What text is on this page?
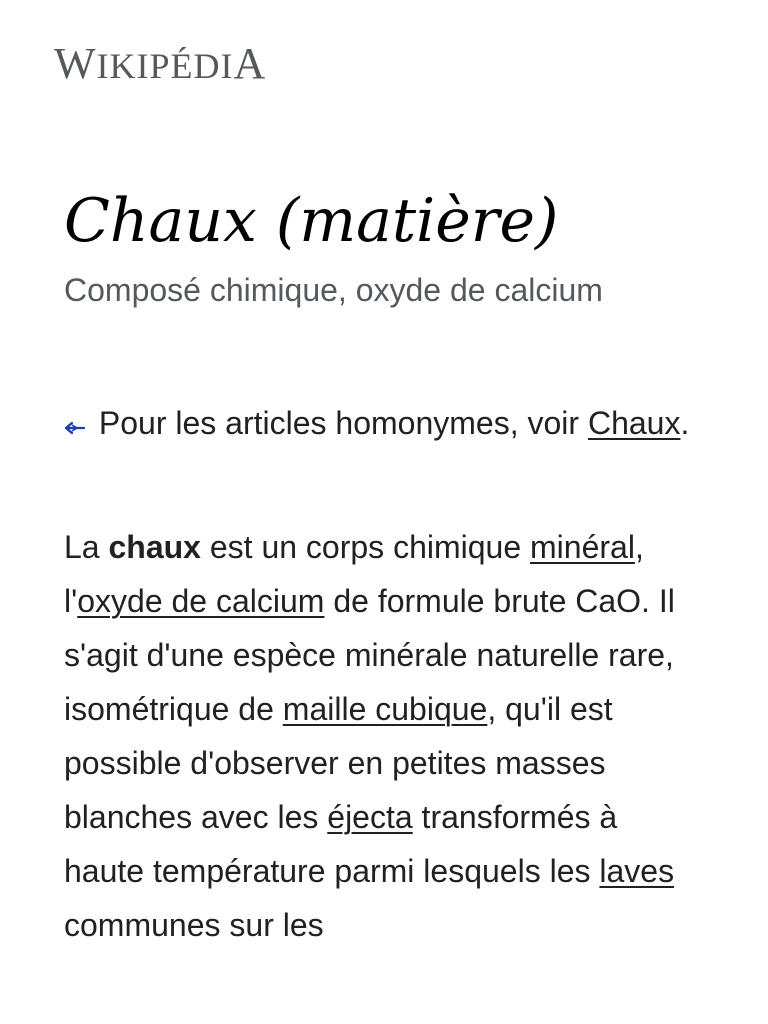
WIKIPÉDIA
Chaux (matière)
Composé chimique, oxyde de calcium
Pour les articles homonymes, voir Chaux.

La chaux est un corps chimique minéral, l'oxyde de calcium de formule brute CaO. Il s'agit d'une espèce minérale naturelle rare, isométrique de maille cubique, qu'il est possible d'observer en petites masses blanches avec les éjecta transformés à haute température parmi lesquels les laves communes sur les
